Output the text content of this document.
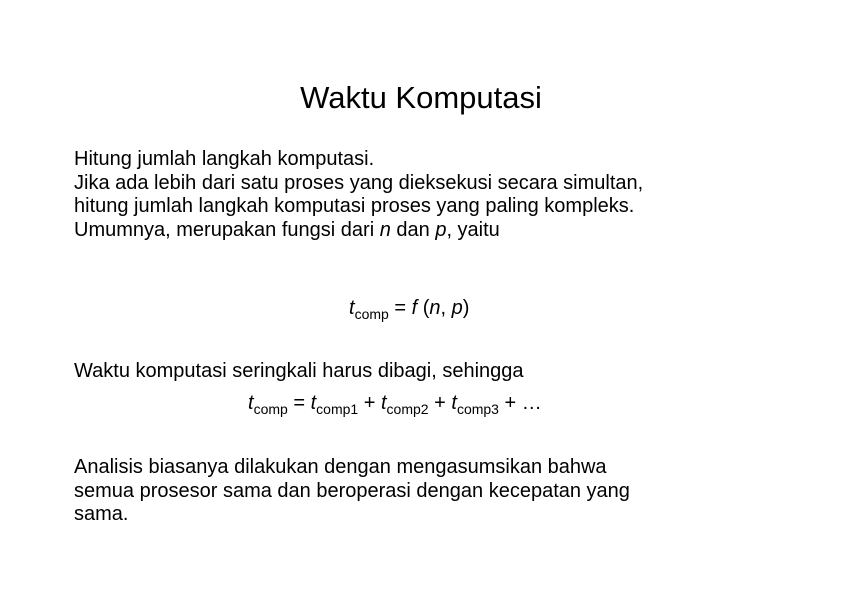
Waktu Komputasi
Hitung jumlah langkah komputasi.
Jika ada lebih dari satu proses yang dieksekusi secara simultan,
hitung jumlah langkah komputasi proses yang paling kompleks.
Umumnya, merupakan fungsi dari n dan p, yaitu
$t_{comp} = f$ (n, p)
Waktu komputasi seringkali harus dibagi, sehingga
$t_{comp} = t_{comp1} + t_{comp2} + t_{comp3}$ + …
Analisis biasanya dilakukan dengan mengasumsikan bahwa
semua prosesor sama dan beroperasi dengan kecepatan yang
sama.
